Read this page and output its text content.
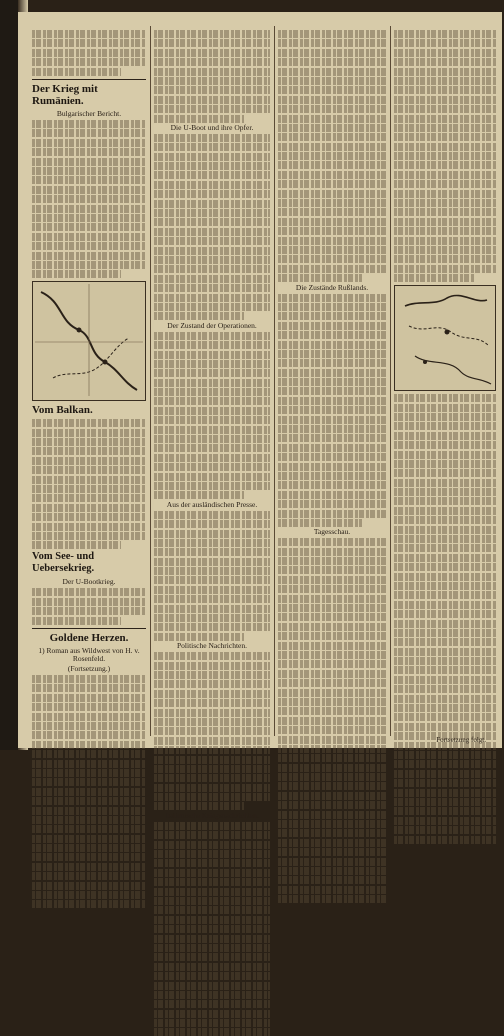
Der Krieg mit Rumänien.
Bulgarischer Bericht.
Vom Balkan.
Vom See- und Uebersekrieg.
Der U-Bootkrieg.
Goldene Herzen.
1) Roman aus Wildwest von H. v. Rosenfeld.
(Fortsetzung.)
Die U-Boot und ihre Opfer.
Der Zustand der Operationen.
Aus der ausländischen Presse.
Politische Nachrichten.
Italienische Kriegsnachrichten.
Die Zustände Rußlands.
Tagesschau.
Fortsetzung folgt.
